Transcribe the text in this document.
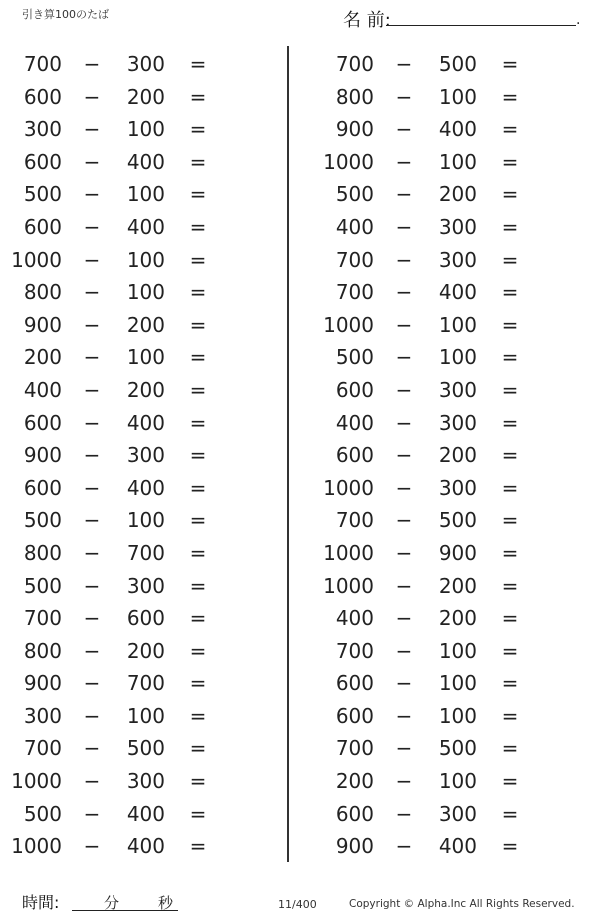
引き算100のたば	名 前:	.
700 −	300 =
600 −	200 =
300 −	100 =
600 −	400 =
500 −	100 =
600 −	400 =
1000 −	100 =
800 −	100 =
900 −	200 =
200 −	100 =
400 −	200 =
600 −	400 =
900 −	300 =
600 −	400 =
500 −	100 =
800 −	700 =
500 −	300 =
700 −	600 =
800 −	200 =
900 −	700 =
300 −	100 =
700 −	500 =
1000 −	300 =
500 −	400 =
1000 −	400 =
700 −	500 =
800 −	100 =
900 −	400 =
1000 −	100 =
500 −	200 =
400 −	300 =
700 −	300 =
700 −	400 =
1000 −	100 =
500 −	100 =
600 −	300 =
400 −	300 =
600 −	200 =
1000 −	300 =
700 −	500 =
1000 −	900 =
1000 −	200 =
400 −	200 =
700 −	100 =
600 −	100 =
600 −	100 =
700 −	500 =
200 −	100 =
600 −	300 =
900 −	400 =
時間:	分	秒	11/400	Copyright © Alpha.Inc All Rights Reserved.
